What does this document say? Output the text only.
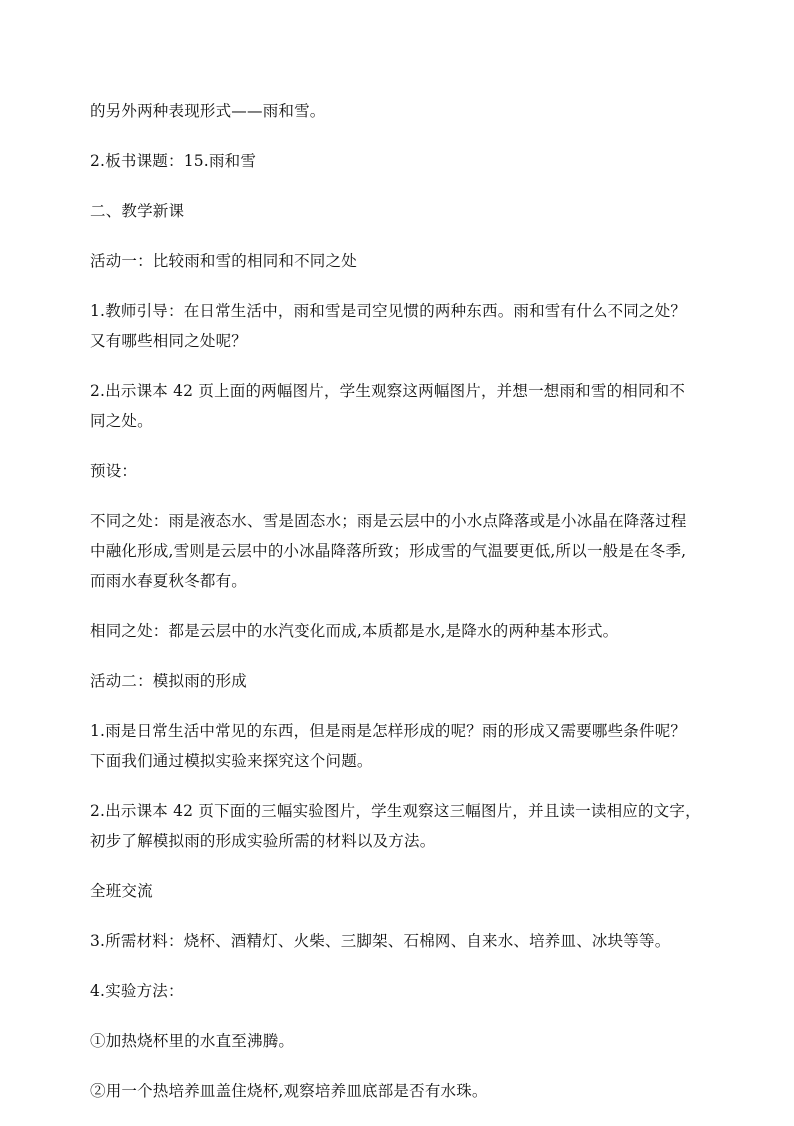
的另外两种表现形式——雨和雪。

2.板书课题：15.雨和雪

二、教学新课

活动一：比较雨和雪的相同和不同之处

1.教师引导：在日常生活中，雨和雪是司空见惯的两种东西。雨和雪有什么不同之处？
又有哪些相同之处呢？

2.出示课本 42 页上面的两幅图片，学生观察这两幅图片，并想一想雨和雪的相同和不
同之处。

预设：

不同之处：雨是液态水、雪是固态水；雨是云层中的小水点降落或是小冰晶在降落过程
中融化形成,雪则是云层中的小冰晶降落所致；形成雪的气温要更低,所以一般是在冬季,
而雨水春夏秋冬都有。

相同之处：都是云层中的水汽变化而成,本质都是水,是降水的两种基本形式。

活动二：模拟雨的形成

1.雨是日常生活中常见的东西，但是雨是怎样形成的呢？雨的形成又需要哪些条件呢？
下面我们通过模拟实验来探究这个问题。

2.出示课本 42 页下面的三幅实验图片，学生观察这三幅图片，并且读一读相应的文字，
初步了解模拟雨的形成实验所需的材料以及方法。

全班交流

3.所需材料：烧杯、酒精灯、火柴、三脚架、石棉网、自来水、培养皿、冰块等等。

4.实验方法：

①加热烧杯里的水直至沸腾。

②用一个热培养皿盖住烧杯,观察培养皿底部是否有水珠。
